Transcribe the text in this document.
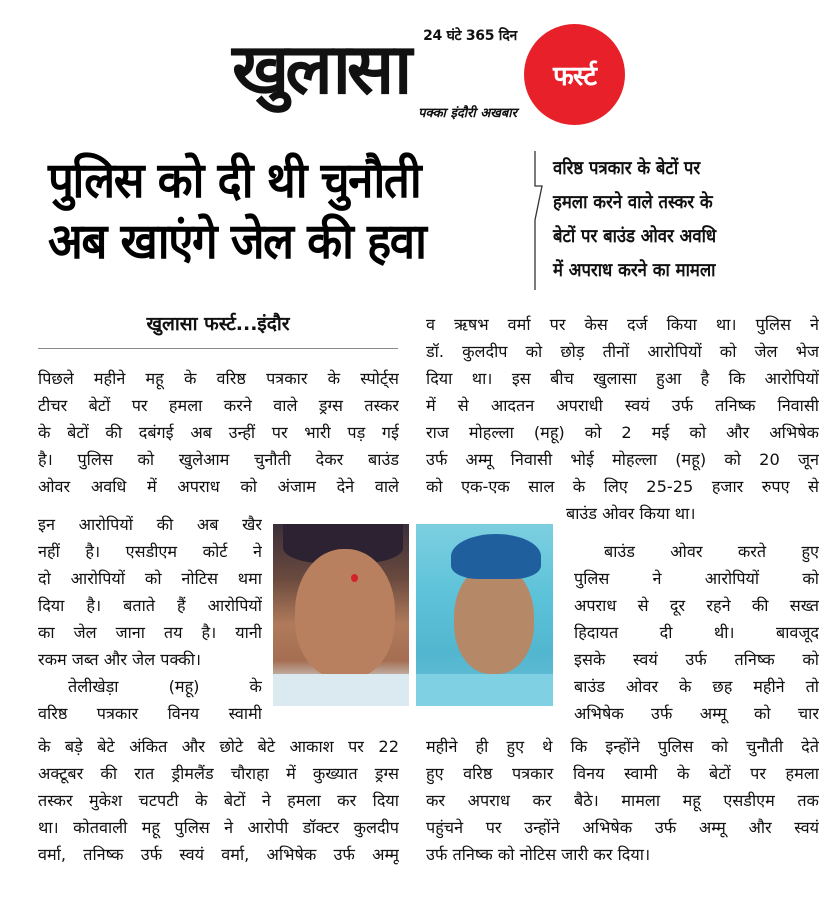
24 घंटे 365 दिन
खुलासा
पक्का इंदौरी अखबार
फर्स्ट
पुलिस को दी थी चुनौती
अब खाएंगे जेल की हवा
वरिष्ठ पत्रकार के बेटों पर
हमला करने वाले तस्कर के
बेटों पर बाउंड ओवर अवधि
में अपराध करने का मामला
खुलासा फर्स्ट...इंदौर
पिछले महीने महू के वरिष्ठ पत्रकार के स्पोर्ट्स
टीचर बेटों पर हमला करने वाले ड्रग्स तस्कर
के बेटों की दबंगई अब उन्हीं पर भारी पड़ गई
है। पुलिस को खुलेआम चुनौती देकर बाउंड
ओवर अवधि में अपराध को अंजाम देने वाले
इन आरोपियों की अब खैर
नहीं है। एसडीएम कोर्ट ने
दो आरोपियों को नोटिस थमा
दिया है। बताते हैं आरोपियों
का जेल जाना तय है। यानी
रकम जब्त और जेल पक्की।
तेलीखेड़ा (महू) के
वरिष्ठ पत्रकार विनय स्वामी
के बड़े बेटे अंकित और छोटे बेटे आकाश पर 22
अक्टूबर की रात ड्रीमलैंड चौराहा में कुख्यात ड्रग्स
तस्कर मुकेश चटपटी के बेटों ने हमला कर दिया
था। कोतवाली महू पुलिस ने आरोपी डॉक्टर कुलदीप
वर्मा, तनिष्क उर्फ स्वयं वर्मा, अभिषेक उर्फ अम्मू
व ऋषभ वर्मा पर केस दर्ज किया था। पुलिस ने
डॉ. कुलदीप को छोड़ तीनों आरोपियों को जेल भेज
दिया था। इस बीच खुलासा हुआ है कि आरोपियों
में से आदतन अपराधी स्वयं उर्फ तनिष्क निवासी
राज मोहल्ला (महू) को 2 मई को और अभिषेक
उर्फ अम्मू निवासी भोई मोहल्ला (महू) को 20 जून
को एक-एक साल के लिए 25-25 हजार रुपए से
बाउंड ओवर किया था।
बाउंड ओवर करते हुए
पुलिस ने आरोपियों को
अपराध से दूर रहने की सख्त
हिदायत दी थी। बावजूद
इसके स्वयं उर्फ तनिष्क को
बाउंड ओवर के छह महीने तो
अभिषेक उर्फ अम्मू को चार
महीने ही हुए थे कि इन्होंने पुलिस को चुनौती देते
हुए वरिष्ठ पत्रकार विनय स्वामी के बेटों पर हमला
कर अपराध कर बैठे। मामला महू एसडीएम तक
पहुंचने पर उन्होंने अभिषेक उर्फ अम्मू और स्वयं
उर्फ तनिष्क को नोटिस जारी कर दिया।
